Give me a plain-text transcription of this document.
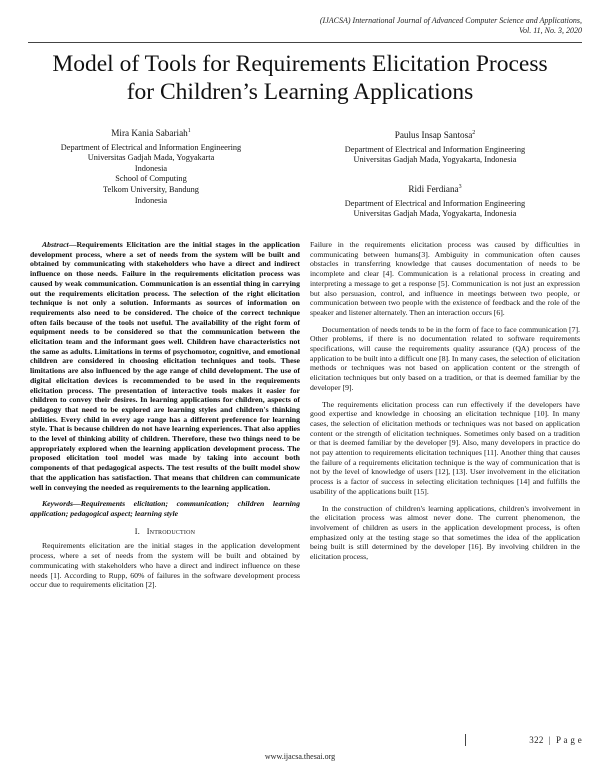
(IJACSA) International Journal of Advanced Computer Science and Applications,
Vol. 11, No. 3, 2020
Model of Tools for Requirements Elicitation Process
for Children’s Learning Applications
Mira Kania Sabariah$^1$
Department of Electrical and Information Engineering
Universitas Gadjah Mada, Yogyakarta
Indonesia
School of Computing
Telkom University, Bandung
Indonesia
Paulus Insap Santosa$^2$
Department of Electrical and Information Engineering
Universitas Gadjah Mada, Yogyakarta, Indonesia
Ridi Ferdiana$^3$
Department of Electrical and Information Engineering
Universitas Gadjah Mada, Yogyakarta, Indonesia

Abstract—Requirements Elicitation are the initial stages in the application development process, where a set of needs from the system will be built and obtained by communicating with stakeholders who have a direct and indirect influence on those needs. Failure in the requirements elicitation process was caused by weak communication. Communication is an essential thing in carrying out the requirements elicitation process. The selection of the right elicitation technique is not only a solution. Informants as sources of information on requirements also need to be considered. The choice of the correct technique often fails because of the tools not useful. The availability of the right form of equipment needs to be considered so that the communication between the elicitation team and the informant goes well. Children have characteristics not the same as adults. Limitations in terms of psychomotor, cognitive, and emotional children are considered in choosing elicitation techniques and tools. These limitations are also influenced by the age range of child development. The use of digital elicitation devices is recommended to be used in the requirements elicitation process. The presentation of interactive tools makes it easier for children to convey their desires. In learning applications for children, aspects of pedagogy that need to be explored are learning styles and children's thinking abilities. Every child in every age range has a different preference for learning style. That is because children do not have learning experiences. That also applies to the level of thinking ability of children. Therefore, these two things need to be appropriately explored when the learning application development process. The proposed elicitation tool model was made by taking into account both components of that pedagogical aspects. The test results of the built model show that the application has satisfaction. That means that children can communicate well in conveying the needed as requirements to the learning application.

Keywords—Requirements elicitation; communication; children learning application; pedagogical aspect; learning style

I. Introduction

Requirements elicitation are the initial stages in the application development process, where a set of needs from the system will be built and obtained by communicating with stakeholders who have a direct and indirect influence on these needs [1]. According to Rupp, 60% of failures in the software development process occur due to requirements elicitation [2].

Failure in the requirements elicitation process was caused by difficulties in communicating between humans[3]. Ambiguity in communication often causes obstacles in transferring knowledge that causes documentation of needs to be incomplete and clear [4]. Communication is a relational process in creating and interpreting a message to get a response [5]. Communication is not just an expression but also persuasion, control, and influence in meetings between two people, or communication between two people with the existence of feedback and the role of the speaker and listener alternately. Then an interaction occurs [6].

Documentation of needs tends to be in the form of face to face communication [7]. Other problems, if there is no documentation related to software requirements specifications, will cause the requirements quality assurance (QA) process of the application to be built into a difficult one [8]. In many cases, the selection of elicitation methods or techniques was not based on application content or the strength of elicitation techniques but only based on a tradition, or that is deemed familiar by the developer [9].

The requirements elicitation process can run effectively if the developers have good expertise and knowledge in choosing an elicitation technique [10]. In many cases, the selection of elicitation methods or techniques was not based on application content or the strength of elicitation techniques. Sometimes only based on a tradition or that is deemed familiar by the developer [9]. Also, many developers in practice do not pay attention to requirements elicitation techniques [11]. Another thing that causes the failure of a requirements elicitation technique is the way of communication that is not by the level of knowledge of users [12], [13]. User involvement in the elicitation process is a factor of success in selecting elicitation techniques [14] and fulfills the usability of the applications built [15].

In the construction of children's learning applications, children's involvement in the elicitation process was almost never done. The current phenomenon, the involvement of children as users in the application development process, is often emphasized only at the testing stage so that sometimes the idea of the application being built is still determined by the developer [16]. By involving children in the elicitation process,

322  |  P a g e
www.ijacsa.thesai.org
